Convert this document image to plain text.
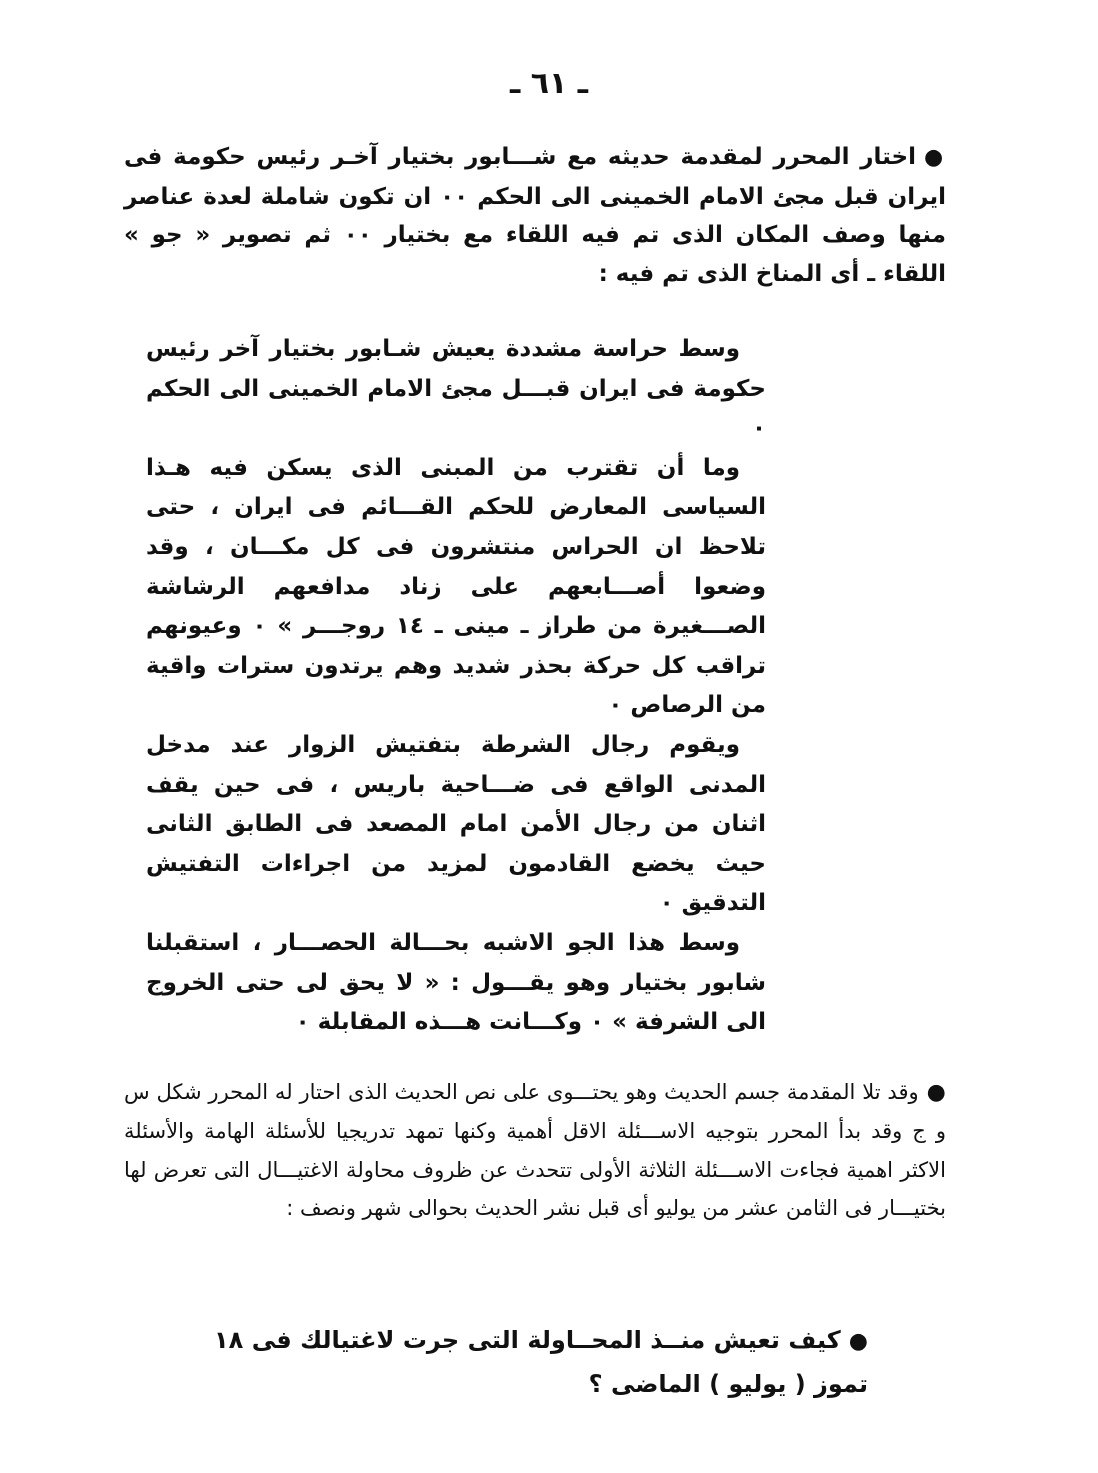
ـ ٦١ ـ
●اختار المحرر لمقدمة حديثه مع شـــابور بختيار آخـر رئيس حكومة فى ايران قبل مجئ الامام الخمينى الى الحكم ٠٠ ان تكون شاملة لعدة عناصر منها وصف المكان الذى تم فيه اللقاء مع بختيار ٠٠ ثم تصوير « جو » اللقاء ـ أى المناخ الذى تم فيه :

وسط حراسة مشددة يعيش شـابور بختيار آخر رئيس حكومة فى ايران قبـــل مجئ الامام الخمينى الى الحكم ٠

وما أن تقترب من المبنى الذى يسكن فيه هـذا السياسى المعارض للحكم القـــائم فى ايران ، حتى تلاحظ ان الحراس منتشرون فى كل مكـــان ، وقد وضعوا أصـــابعهم على زناد مدافعهم الرشاشة الصـــغيرة من طراز ـ مينى ـ ١٤ روجـــر » ٠ وعيونهم تراقب كل حركة بحذر شديد وهم يرتدون سترات واقية من الرصاص ٠

ويقوم رجال الشرطة بتفتيش الزوار عند مدخل المدنى الواقع فى ضـــاحية باريس ، فى حين يقف اثنان من رجال الأمن امام المصعد فى الطابق الثانى حيث يخضع القادمون لمزيد من اجراءات التفتيش التدقيق ٠

وسط هذا الجو الاشبه بحـــالة الحصـــار ، استقبلنا شابور بختيار وهو يقـــول : « لا يحق لى حتى الخروج الى الشرفة » ٠ وكـــانت هـــذه المقابلة ٠

●وقد تلا المقدمة جسم الحديث وهو يحتـــوى على نص الحديث الذى احتار له المحرر شكل س و ج وقد بدأ المحرر بتوجيه الاســـئلة الاقل أهمية وكنها تمهد تدريجيا للأسئلة الهامة والأسئلة الاكثر اهمية فجاءت الاســـئلة الثلاثة الأولى تتحدث عن ظروف محاولة الاغتيـــال التى تعرض لها بختيـــار فى الثامن عشر من يوليو أى قبل نشر الحديث بحوالى شهر ونصف :
●كيف تعيش منــذ المحــاولة التى جرت لاغتيالك فى ١٨ تموز ( يوليو ) الماضى ؟
